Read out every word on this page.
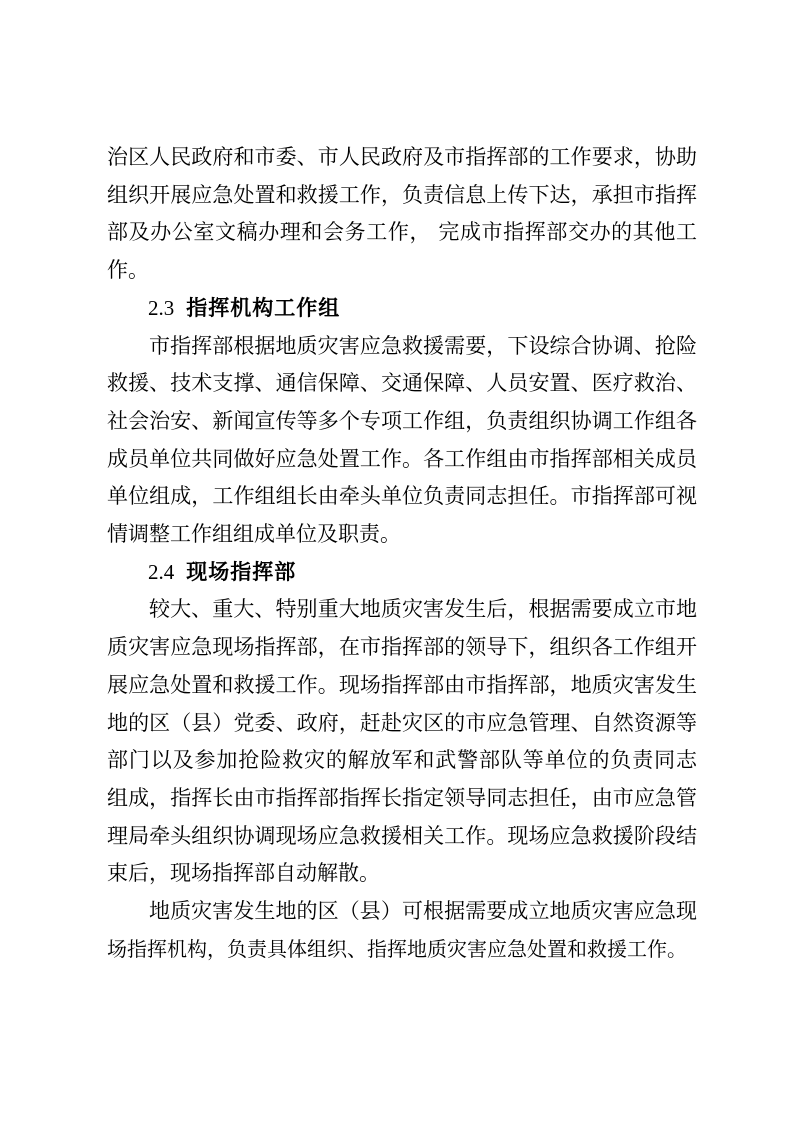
治区人民政府和市委、市人民政府及市指挥部的工作要求，协助
组织开展应急处置和救援工作，负责信息上传下达，承担市指挥
部及办公室文稿办理和会务工作， 完成市指挥部交办的其他工
作。
2.3 指挥机构工作组
市指挥部根据地质灾害应急救援需要，下设综合协调、抢险
救援、技术支撑、通信保障、交通保障、人员安置、医疗救治、
社会治安、新闻宣传等多个专项工作组，负责组织协调工作组各
成员单位共同做好应急处置工作。各工作组由市指挥部相关成员
单位组成，工作组组长由牵头单位负责同志担任。市指挥部可视
情调整工作组组成单位及职责。
2.4 现场指挥部
较大、重大、特别重大地质灾害发生后，根据需要成立市地
质灾害应急现场指挥部，在市指挥部的领导下，组织各工作组开
展应急处置和救援工作。现场指挥部由市指挥部，地质灾害发生
地的区（县）党委、政府，赶赴灾区的市应急管理、自然资源等
部门以及参加抢险救灾的解放军和武警部队等单位的负责同志
组成，指挥长由市指挥部指挥长指定领导同志担任，由市应急管
理局牵头组织协调现场应急救援相关工作。现场应急救援阶段结
束后，现场指挥部自动解散。
地质灾害发生地的区（县）可根据需要成立地质灾害应急现
场指挥机构，负责具体组织、指挥地质灾害应急处置和救援工作。
